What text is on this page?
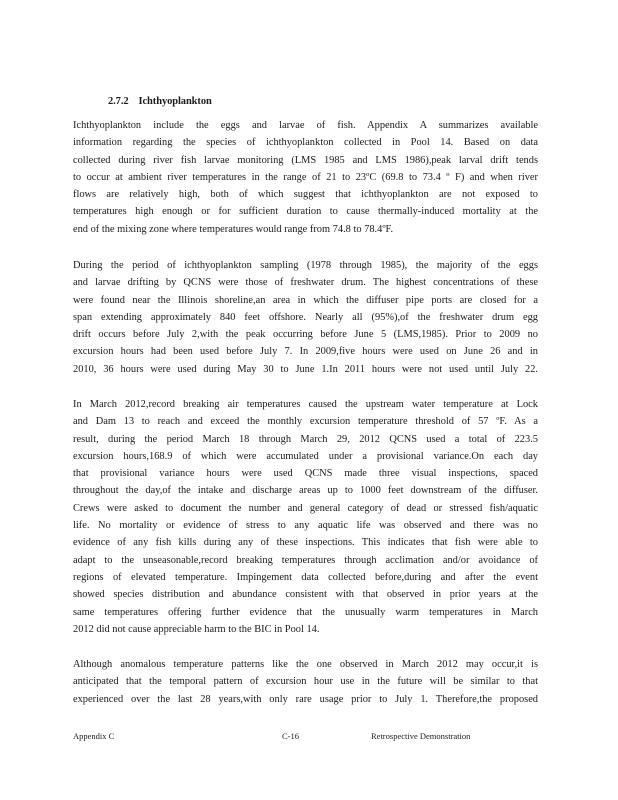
2.7.2 Ichthyoplankton
Ichthyoplankton include the eggs and larvae of fish. Appendix A summarizes available
information regarding the species of ichthyoplankton collected in Pool 14. Based on data
collected during river fish larvae monitoring (LMS 1985 and LMS 1986),peak larval drift tends
to occur at ambient river temperatures in the range of 21 to 23ºC (69.8 to 73.4 º F) and when river
flows are relatively high, both of which suggest that ichthyoplankton are not exposed to
temperatures high enough or for sufficient duration to cause thermally-induced mortality at the
end of the mixing zone where temperatures would range from 74.8 to 78.4ºF.
During the period of ichthyoplankton sampling (1978 through 1985), the majority of the eggs
and larvae drifting by QCNS were those of freshwater drum. The highest concentrations of these
were found near the Illinois shoreline,an area in which the diffuser pipe ports are closed for a
span extending approximately 840 feet offshore. Nearly all (95%),of the freshwater drum egg
drift occurs before July 2,with the peak occurring before June 5 (LMS,1985). Prior to 2009 no
excursion hours had been used before July 7. In 2009,five hours were used on June 26 and in
2010, 36 hours were used during May 30 to June 1.In 2011 hours were not used until July 22.
In March 2012,record breaking air temperatures caused the upstream water temperature at Lock
and Dam 13 to reach and exceed the monthly excursion temperature threshold of 57 ºF. As a
result, during the period March 18 through March 29, 2012 QCNS used a total of 223.5
excursion hours,168.9 of which were accumulated under a provisional variance.On each day
that provisional variance hours were used QCNS made three visual inspections, spaced
throughout the day,of the intake and discharge areas up to 1000 feet downstream of the diffuser.
Crews were asked to document the number and general category of dead or stressed fish/aquatic
life. No mortality or evidence of stress to any aquatic life was observed and there was no
evidence of any fish kills during any of these inspections. This indicates that fish were able to
adapt to the unseasonable,record breaking temperatures through acclimation and/or avoidance of
regions of elevated temperature. Impingement data collected before,during and after the event
showed species distribution and abundance consistent with that observed in prior years at the
same temperatures offering further evidence that the unusually warm temperatures in March
2012 did not cause appreciable harm to the BIC in Pool 14.
Although anomalous temperature patterns like the one observed in March 2012 may occur,it is
anticipated that the temporal pattern of excursion hour use in the future will be similar to that
experienced over the last 28 years,with only rare usage prior to July 1. Therefore,the proposed
Appendix C	C-16	Retrospective Demonstration
